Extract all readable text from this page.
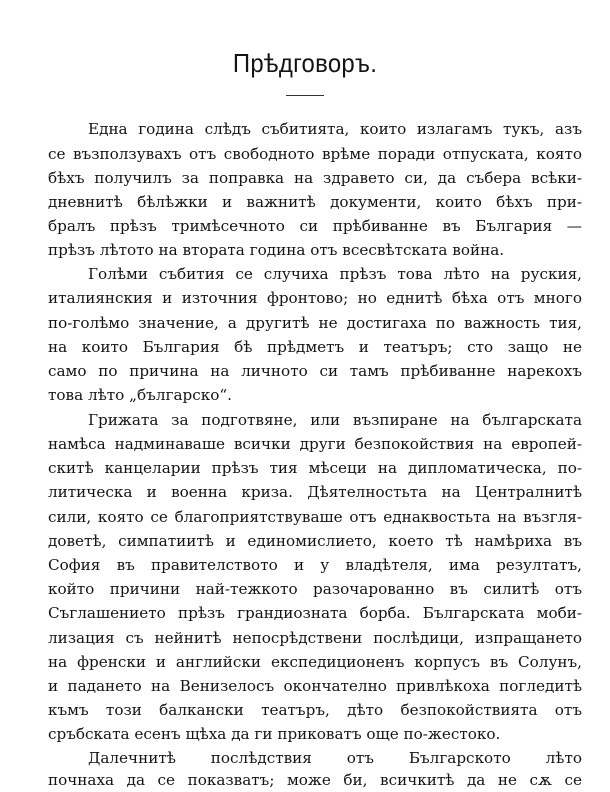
Прѣдговоръ.
Една година слѣдъ събитията, които излагамъ тукъ, азъ
се възползувахъ отъ свободното врѣме поради отпуската, която
бѣхъ получилъ за поправка на здравето си, да събера всѣки-
дневнитѣ бѣлѣжки и важнитѣ документи, които бѣхъ при-
бралъ прѣзъ тримѣсечното си прѣбиванне въ България —
прѣзъ лѣтото на втората година отъ всесвѣтската война.
Голѣми събития се случиха прѣзъ това лѣто на руския,
италиянския и източния фронтово; но еднитѣ бѣха отъ много
по-голѣмо значение, а другитѣ не достигаха по важность тия,
на които България бѣ прѣдметъ и театъръ; сто защо не
само по причина на личното си тамъ прѣбиванне нарекохъ
това лѣто „българско“.
Грижата за подготвяне, или възпиране на българската
намѣса надминаваше всички други безпокойствия на европей-
скитѣ канцеларии прѣзъ тия мѣсеци на дипломатическа, по-
литическа и военна криза. Дѣятелностьта на Централнитѣ
сили, която се благоприятствуваше отъ еднаквостьта на възгля-
довeтѣ, симпатиитѣ и единомислието, което тѣ намѣриха въ
София въ правителството и у владѣтеля, има резултатъ,
който причини най-тежкото разочарованно въ силитѣ отъ
Съглашението прѣзъ грандиозната борба. Българската моби-
лизация съ нейнитѣ непосрѣдствени послѣдици, изпращането
на френски и английски експедиционенъ корпусъ въ Солунъ,
и падането на Венизелосъ окончателно привлѣкоха погледитѣ
къмъ този балкански театъръ, дѣто безпокойствията отъ
сръбската есенъ щѣха да ги приковатъ още по-жестоко.
Далечнитѣ послѣдствия отъ Българското лѣто
почнаха да се показватъ; може би, всичкитѣ да не сѫ се
